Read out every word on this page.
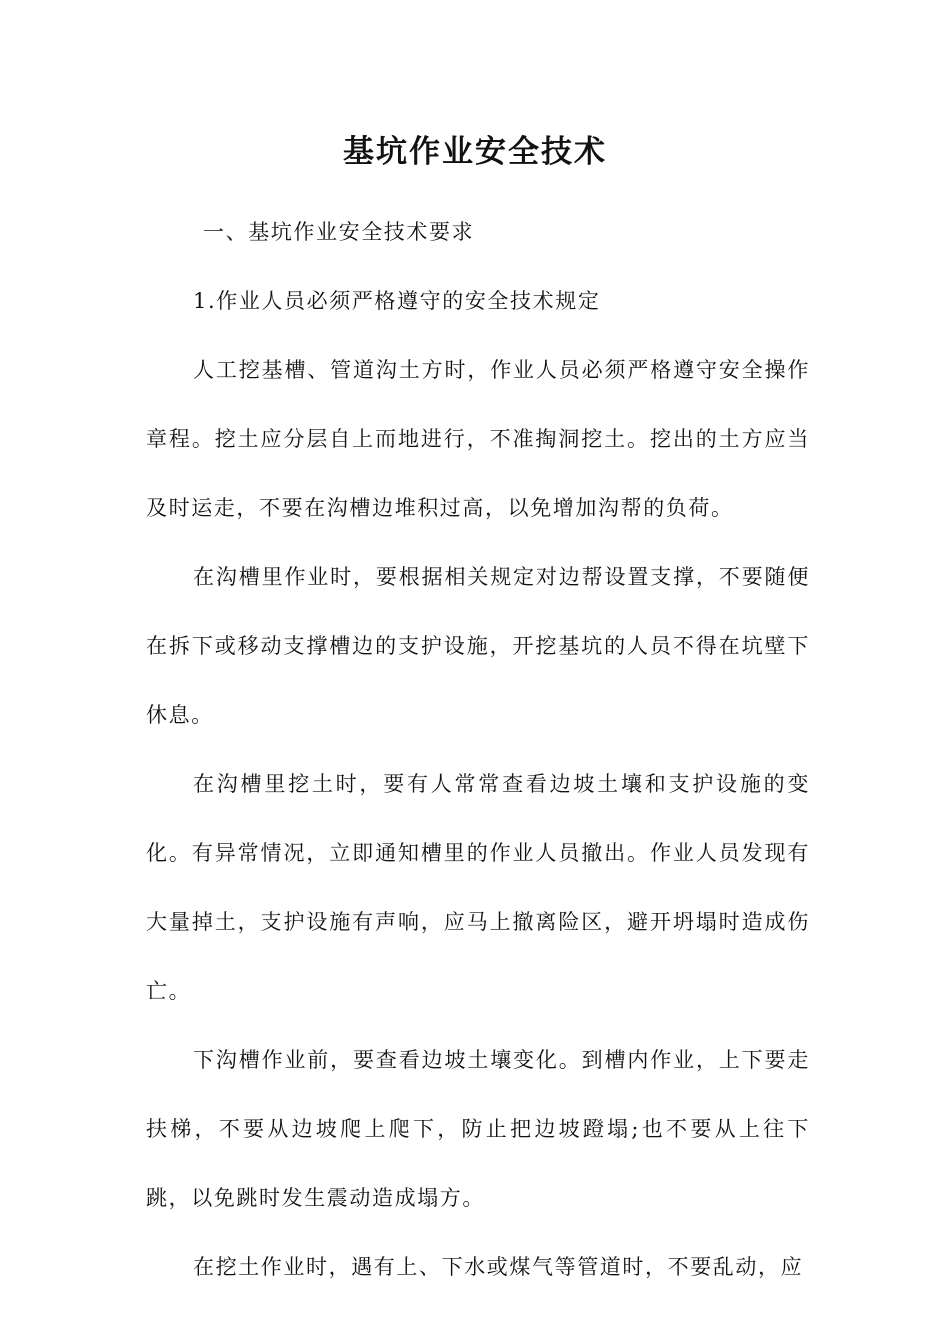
基坑作业安全技术

一、基坑作业安全技术要求

1.作业人员必须严格遵守的安全技术规定

人工挖基槽、管道沟土方时，作业人员必须严格遵守安全操作章程。挖土应分层自上而地进行，不准掏洞挖土。挖出的土方应当及时运走，不要在沟槽边堆积过高，以免增加沟帮的负荷。

在沟槽里作业时，要根据相关规定对边帮设置支撑，不要随便在拆下或移动支撑槽边的支护设施，开挖基坑的人员不得在坑壁下休息。

在沟槽里挖土时，要有人常常查看边坡土壤和支护设施的变化。有异常情况，立即通知槽里的作业人员撤出。作业人员发现有大量掉土，支护设施有声响，应马上撤离险区，避开坍塌时造成伤亡。

下沟槽作业前，要查看边坡土壤变化。到槽内作业，上下要走扶梯，不要从边坡爬上爬下，防止把边坡蹬塌;也不要从上往下跳，以免跳时发生震动造成塌方。

在挖土作业时，遇有上、下水或煤气等管道时，不要乱动，应
